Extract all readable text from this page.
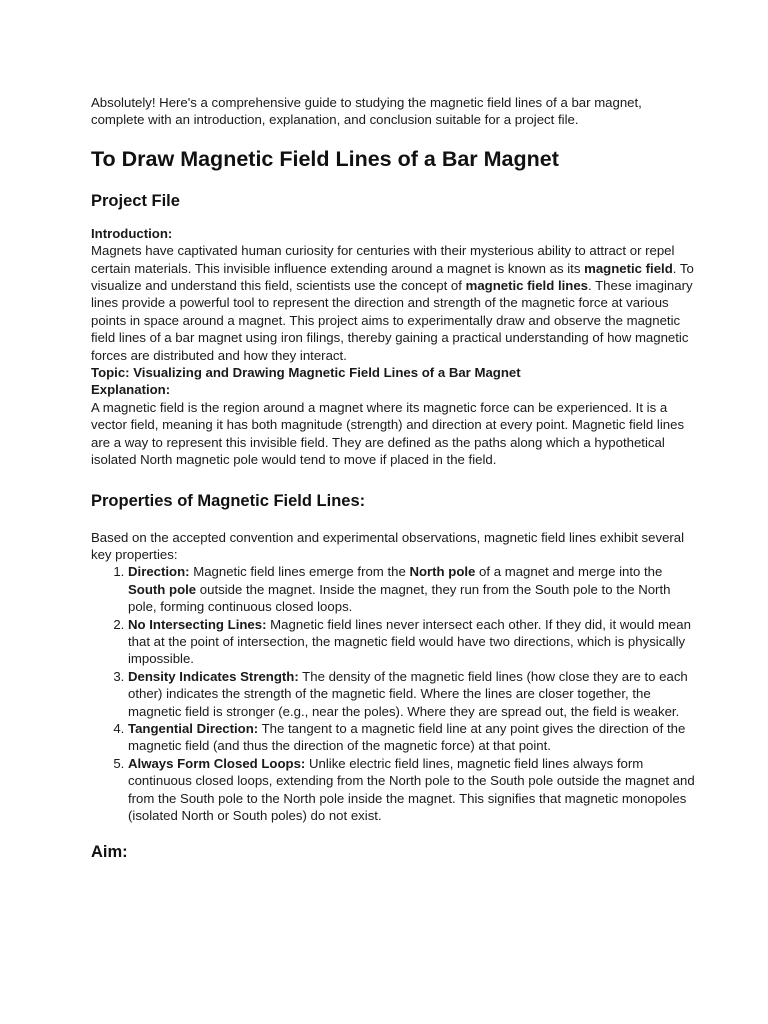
Absolutely! Here's a comprehensive guide to studying the magnetic field lines of a bar magnet, complete with an introduction, explanation, and conclusion suitable for a project file.

To Draw Magnetic Field Lines of a Bar Magnet
Project File
Introduction:

Magnets have captivated human curiosity for centuries with their mysterious ability to attract or repel certain materials. This invisible influence extending around a magnet is known as its magnetic field. To visualize and understand this field, scientists use the concept of magnetic field lines. These imaginary lines provide a powerful tool to represent the direction and strength of the magnetic force at various points in space around a magnet. This project aims to experimentally draw and observe the magnetic field lines of a bar magnet using iron filings, thereby gaining a practical understanding of how magnetic forces are distributed and how they interact.

Topic: Visualizing and Drawing Magnetic Field Lines of a Bar Magnet
Explanation:

A magnetic field is the region around a magnet where its magnetic force can be experienced. It is a vector field, meaning it has both magnitude (strength) and direction at every point. Magnetic field lines are a way to represent this invisible field. They are defined as the paths along which a hypothetical isolated North magnetic pole would tend to move if placed in the field.

Properties of Magnetic Field Lines:

Based on the accepted convention and experimental observations, magnetic field lines exhibit several key properties:

1. Direction: Magnetic field lines emerge from the North pole of a magnet and merge into the South pole outside the magnet. Inside the magnet, they run from the South pole to the North pole, forming continuous closed loops.
2. No Intersecting Lines: Magnetic field lines never intersect each other. If they did, it would mean that at the point of intersection, the magnetic field would have two directions, which is physically impossible.
3. Density Indicates Strength: The density of the magnetic field lines (how close they are to each other) indicates the strength of the magnetic field. Where the lines are closer together, the magnetic field is stronger (e.g., near the poles). Where they are spread out, the field is weaker.
4. Tangential Direction: The tangent to a magnetic field line at any point gives the direction of the magnetic field (and thus the direction of the magnetic force) at that point.
5. Always Form Closed Loops: Unlike electric field lines, magnetic field lines always form continuous closed loops, extending from the North pole to the South pole outside the magnet and from the South pole to the North pole inside the magnet. This signifies that magnetic monopoles (isolated North or South poles) do not exist.
Aim:
